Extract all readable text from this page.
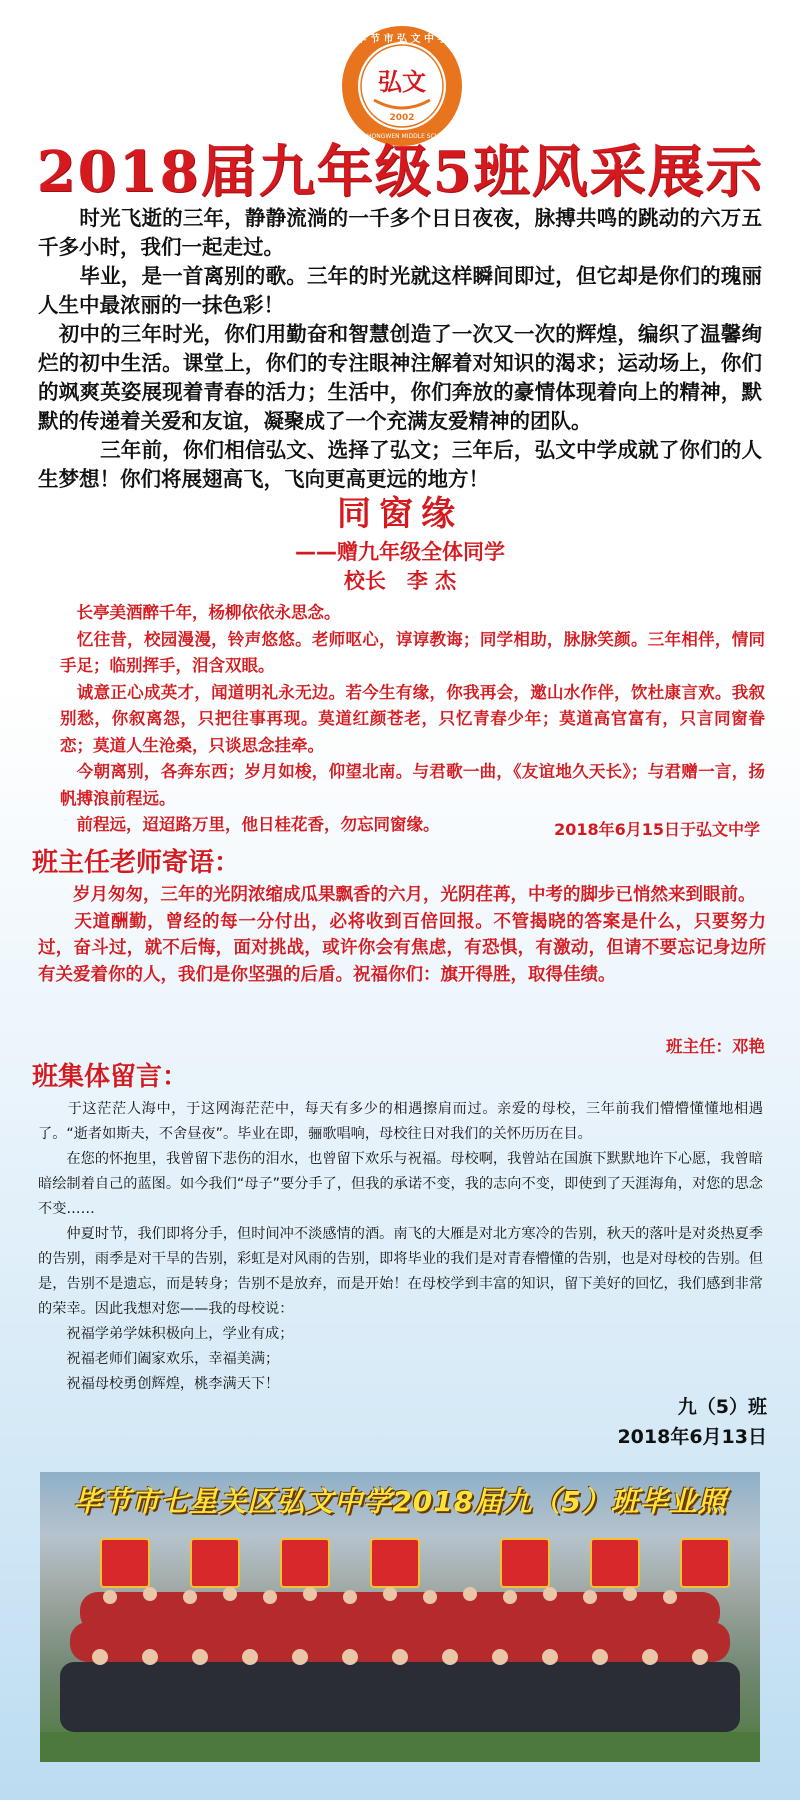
毕 节 市 弘 文 中 学
弘文
2002
BIJIE HONGWEN MIDDLE SCHOOL
2018届九年级5班风采展示

　　时光飞逝的三年，静静流淌的一千多个日日夜夜，脉搏共鸣的跳动的六万五千多小时，我们一起走过。

　　毕业，是一首离别的歌。三年的时光就这样瞬间即过，但它却是你们的瑰丽人生中最浓丽的一抹色彩！

　初中的三年时光，你们用勤奋和智慧创造了一次又一次的辉煌，编织了温馨绚烂的初中生活。课堂上，你们的专注眼神注解着对知识的渴求；运动场上，你们的飒爽英姿展现着青春的活力；生活中，你们奔放的豪情体现着向上的精神，默默的传递着关爱和友谊，凝聚成了一个充满友爱精神的团队。

　　　三年前，你们相信弘文、选择了弘文；三年后，弘文中学成就了你们的人生梦想！你们将展翅高飞，飞向更高更远的地方！

同窗缘
——赠九年级全体同学
校长　李 杰

　长亭美酒醉千年，杨柳依依永思念。

　忆往昔，校园漫漫，铃声悠悠。老师呕心，谆谆教诲；同学相助，脉脉笑颜。三年相伴，情同手足；临别挥手，泪含双眼。

　诚意正心成英才，闻道明礼永无边。若今生有缘，你我再会，邀山水作伴，饮杜康言欢。我叙别愁，你叙离怨，只把往事再现。莫道红颜苍老，只忆青春少年；莫道高官富有，只言同窗眷恋；莫道人生沧桑，只谈思念挂牵。

　今朝离别，各奔东西；岁月如梭，仰望北南。与君歌一曲，《友谊地久天长》；与君赠一言，扬帆搏浪前程远。

　前程远，迢迢路万里，他日桂花香，勿忘同窗缘。	2018年6月15日于弘文中学
班主任老师寄语：

　　岁月匆匆，三年的光阴浓缩成瓜果飘香的六月，光阴荏苒，中考的脚步已悄然来到眼前。

　　天道酬勤，曾经的每一分付出，必将收到百倍回报。不管揭晓的答案是什么，只要努力过，奋斗过，就不后悔，面对挑战，或许你会有焦虑，有恐惧，有激动，但请不要忘记身边所有关爱着你的人，我们是你坚强的后盾。祝福你们：旗开得胜，取得佳绩。

班主任：邓艳
班集体留言：

　　于这茫茫人海中，于这网海茫茫中，每天有多少的相遇擦肩而过。亲爱的母校，三年前我们懵懵懂懂地相遇了。“逝者如斯夫，不舍昼夜”。毕业在即，骊歌唱响，母校往日对我们的关怀历历在目。

　　在您的怀抱里，我曾留下悲伤的泪水，也曾留下欢乐与祝福。母校啊，我曾站在国旗下默默地许下心愿，我曾暗暗绘制着自己的蓝图。如今我们“母子”要分手了，但我的承诺不变，我的志向不变，即使到了天涯海角，对您的思念不变……

　　仲夏时节，我们即将分手，但时间冲不淡感情的酒。南飞的大雁是对北方寒冷的告别，秋天的落叶是对炎热夏季的告别，雨季是对干旱的告别，彩虹是对风雨的告别，即将毕业的我们是对青春懵懂的告别，也是对母校的告别。但是，告别不是遗忘，而是转身；告别不是放弃，而是开始！在母校学到丰富的知识，留下美好的回忆，我们感到非常的荣幸。因此我想对您——我的母校说：

　　祝福学弟学妹积极向上，学业有成；

　　祝福老师们阖家欢乐，幸福美满；

　　祝福母校勇创辉煌，桃李满天下！

九（5）班
2018年6月13日
毕节市七星关区弘文中学2018届九（5）班毕业照
